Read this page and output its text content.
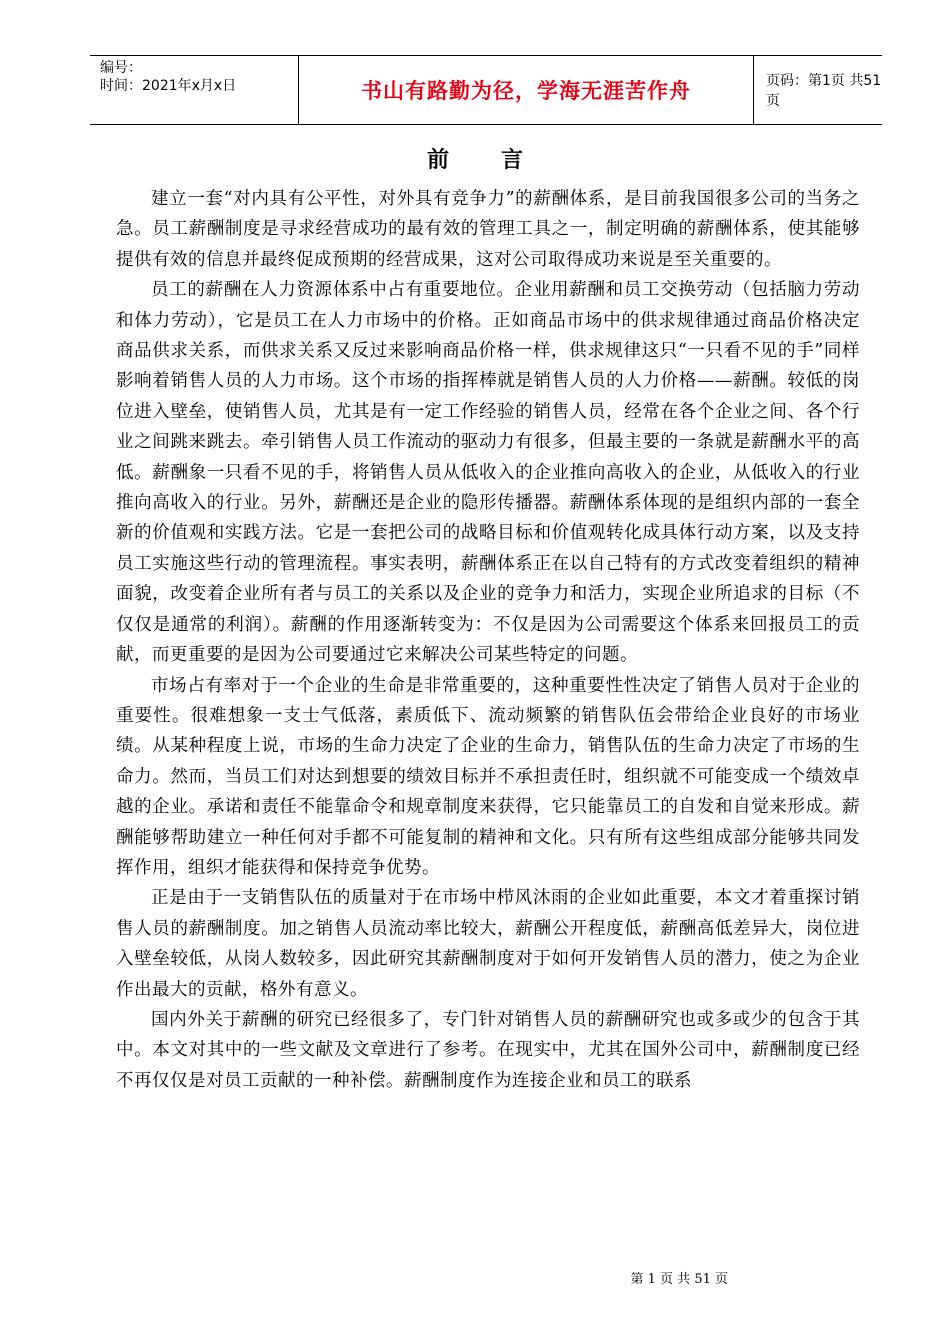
编号：
时间：2021年x月x日	书山有路勤为径，学海无涯苦作舟	页码：第1页 共51页
前言

建立一套“对内具有公平性，对外具有竞争力”的薪酬体系，是目前我国很多公司的当务之急。员工薪酬制度是寻求经营成功的最有效的管理工具之一，制定明确的薪酬体系，使其能够提供有效的信息并最终促成预期的经营成果，这对公司取得成功来说是至关重要的。

员工的薪酬在人力资源体系中占有重要地位。企业用薪酬和员工交换劳动（包括脑力劳动和体力劳动），它是员工在人力市场中的价格。正如商品市场中的供求规律通过商品价格决定商品供求关系，而供求关系又反过来影响商品价格一样，供求规律这只“一只看不见的手”同样影响着销售人员的人力市场。这个市场的指挥棒就是销售人员的人力价格——薪酬。较低的岗位进入壁垒，使销售人员，尤其是有一定工作经验的销售人员，经常在各个企业之间、各个行业之间跳来跳去。牵引销售人员工作流动的驱动力有很多，但最主要的一条就是薪酬水平的高低。薪酬象一只看不见的手，将销售人员从低收入的企业推向高收入的企业，从低收入的行业推向高收入的行业。另外，薪酬还是企业的隐形传播器。薪酬体系体现的是组织内部的一套全新的价值观和实践方法。它是一套把公司的战略目标和价值观转化成具体行动方案，以及支持员工实施这些行动的管理流程。事实表明，薪酬体系正在以自己特有的方式改变着组织的精神面貌，改变着企业所有者与员工的关系以及企业的竞争力和活力，实现企业所追求的目标（不仅仅是通常的利润）。薪酬的作用逐渐转变为：不仅是因为公司需要这个体系来回报员工的贡献，而更重要的是因为公司要通过它来解决公司某些特定的问题。

市场占有率对于一个企业的生命是非常重要的，这种重要性性决定了销售人员对于企业的重要性。很难想象一支士气低落，素质低下、流动频繁的销售队伍会带给企业良好的市场业绩。从某种程度上说，市场的生命力决定了企业的生命力，销售队伍的生命力决定了市场的生命力。然而，当员工们对达到想要的绩效目标并不承担责任时，组织就不可能变成一个绩效卓越的企业。承诺和责任不能靠命令和规章制度来获得，它只能靠员工的自发和自觉来形成。薪酬能够帮助建立一种任何对手都不可能复制的精神和文化。只有所有这些组成部分能够共同发挥作用，组织才能获得和保持竞争优势。

正是由于一支销售队伍的质量对于在市场中栉风沐雨的企业如此重要，本文才着重探讨销售人员的薪酬制度。加之销售人员流动率比较大，薪酬公开程度低，薪酬高低差异大，岗位进入壁垒较低，从岗人数较多，因此研究其薪酬制度对于如何开发销售人员的潜力，使之为企业作出最大的贡献，格外有意义。

国内外关于薪酬的研究已经很多了，专门针对销售人员的薪酬研究也或多或少的包含于其中。本文对其中的一些文献及文章进行了参考。在现实中，尤其在国外公司中，薪酬制度已经不再仅仅是对员工贡献的一种补偿。薪酬制度作为连接企业和员工的联系

第 1 页 共 51 页
